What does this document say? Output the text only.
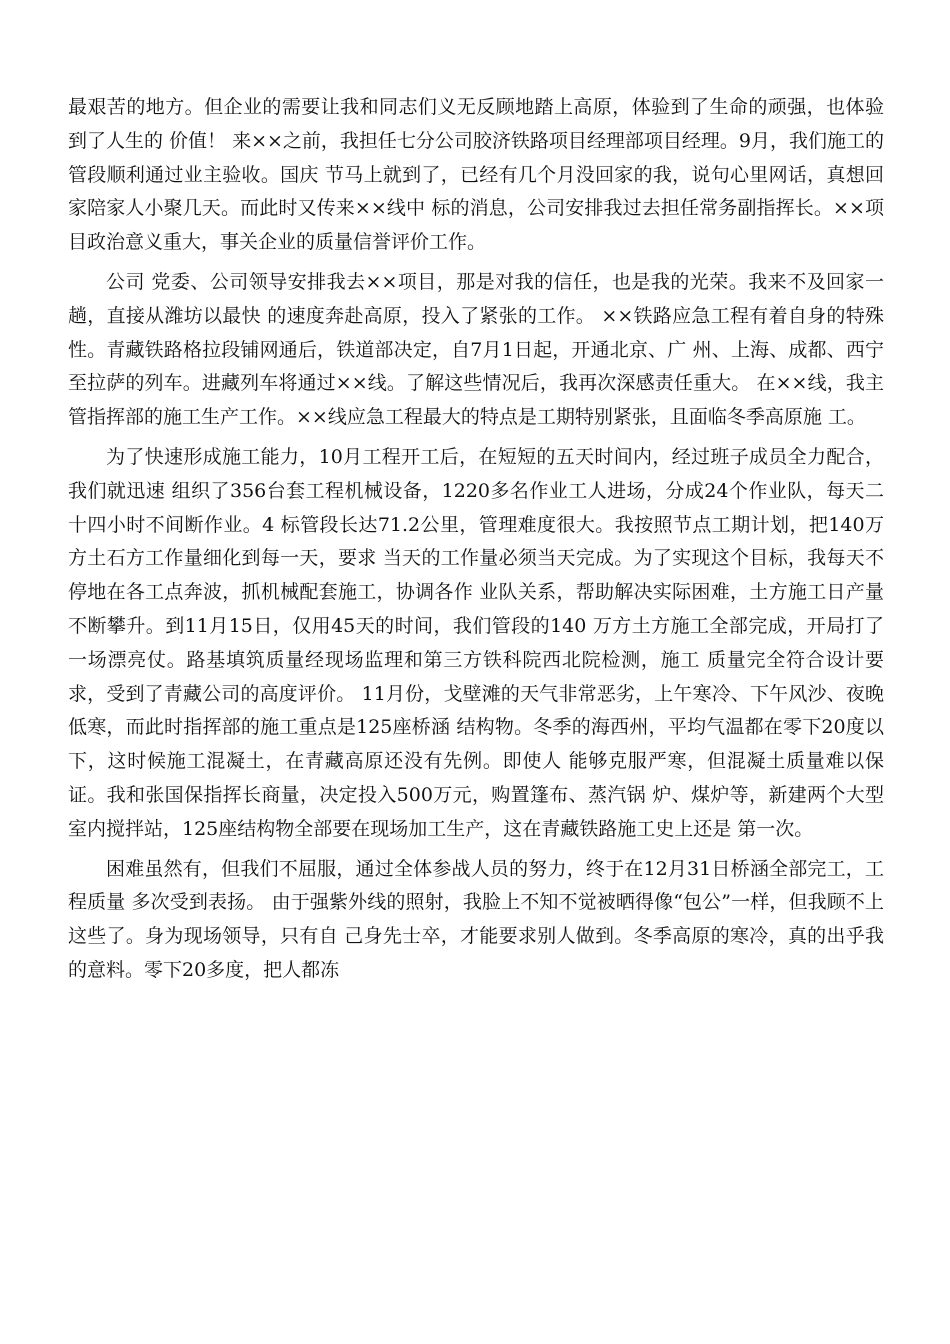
最艰苦的地方。但企业的需要让我和同志们义无反顾地踏上高原，体验到了生命的顽强，也体验到了人生的 价值！ 来××之前，我担任七分公司胶济铁路项目经理部项目经理。9月，我们施工的管段顺利通过业主验收。国庆 节马上就到了，已经有几个月没回家的我，说句心里网话，真想回家陪家人小聚几天。而此时又传来××线中 标的消息，公司安排我过去担任常务副指挥长。××项目政治意义重大，事关企业的质量信誉评价工作。

公司 党委、公司领导安排我去××项目，那是对我的信任，也是我的光荣。我来不及回家一趟，直接从潍坊以最快 的速度奔赴高原，投入了紧张的工作。 ××铁路应急工程有着自身的特殊性。青藏铁路格拉段铺网通后，铁道部决定，自7月1日起，开通北京、广 州、上海、成都、西宁至拉萨的列车。进藏列车将通过××线。了解这些情况后，我再次深感责任重大。 在××线，我主管指挥部的施工生产工作。××线应急工程最大的特点是工期特别紧张，且面临冬季高原施 工。

为了快速形成施工能力，10月工程开工后，在短短的五天时间内，经过班子成员全力配合，我们就迅速 组织了356台套工程机械设备，1220多名作业工人进场，分成24个作业队，每天二十四小时不间断作业。4 标管段长达71.2公里，管理难度很大。我按照节点工期计划，把140万方土石方工作量细化到每一天，要求 当天的工作量必须当天完成。为了实现这个目标，我每天不停地在各工点奔波，抓机械配套施工，协调各作 业队关系，帮助解决实际困难，土方施工日产量不断攀升。到11月15日，仅用45天的时间，我们管段的140 万方土方施工全部完成，开局打了一场漂亮仗。路基填筑质量经现场监理和第三方铁科院西北院检测，施工 质量完全符合设计要求，受到了青藏公司的高度评价。 11月份，戈壁滩的天气非常恶劣，上午寒冷、下午风沙、夜晚低寒，而此时指挥部的施工重点是125座桥涵 结构物。冬季的海西州，平均气温都在零下20度以下，这时候施工混凝土，在青藏高原还没有先例。即使人 能够克服严寒，但混凝土质量难以保证。我和张国保指挥长商量，决定投入500万元，购置篷布、蒸汽锅 炉、煤炉等，新建两个大型室内搅拌站，125座结构物全部要在现场加工生产，这在青藏铁路施工史上还是 第一次。

困难虽然有，但我们不屈服，通过全体参战人员的努力，终于在12月31日桥涵全部完工，工程质量 多次受到表扬。 由于强紫外线的照射，我脸上不知不觉被晒得像“包公”一样，但我顾不上这些了。身为现场领导，只有自 己身先士卒，才能要求别人做到。冬季高原的寒冷，真的出乎我的意料。零下20多度，把人都冻
